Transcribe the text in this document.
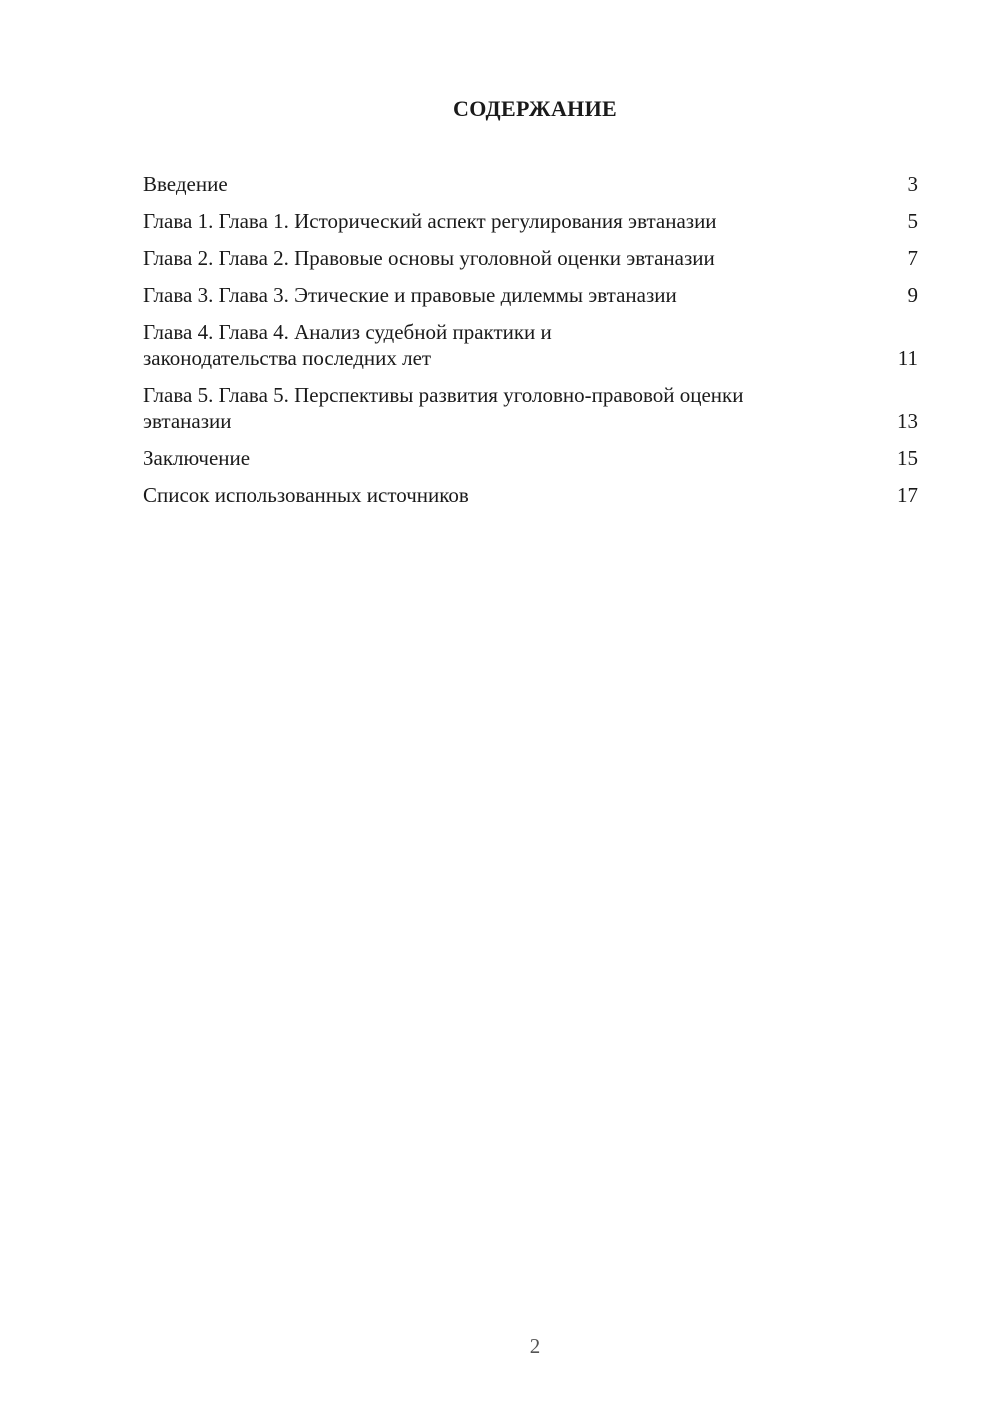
СОДЕРЖАНИЕ
Введение	3
Глава 1. Глава 1. Исторический аспект регулирования эвтаназии	5
Глава 2. Глава 2. Правовые основы уголовной оценки эвтаназии	7
Глава 3. Глава 3. Этические и правовые дилеммы эвтаназии	9
Глава 4. Глава 4. Анализ судебной практики и законодательства последних лет	11
Глава 5. Глава 5. Перспективы развития уголовно-правовой оценки эвтаназии	13
Заключение	15
Список использованных источников	17
2
